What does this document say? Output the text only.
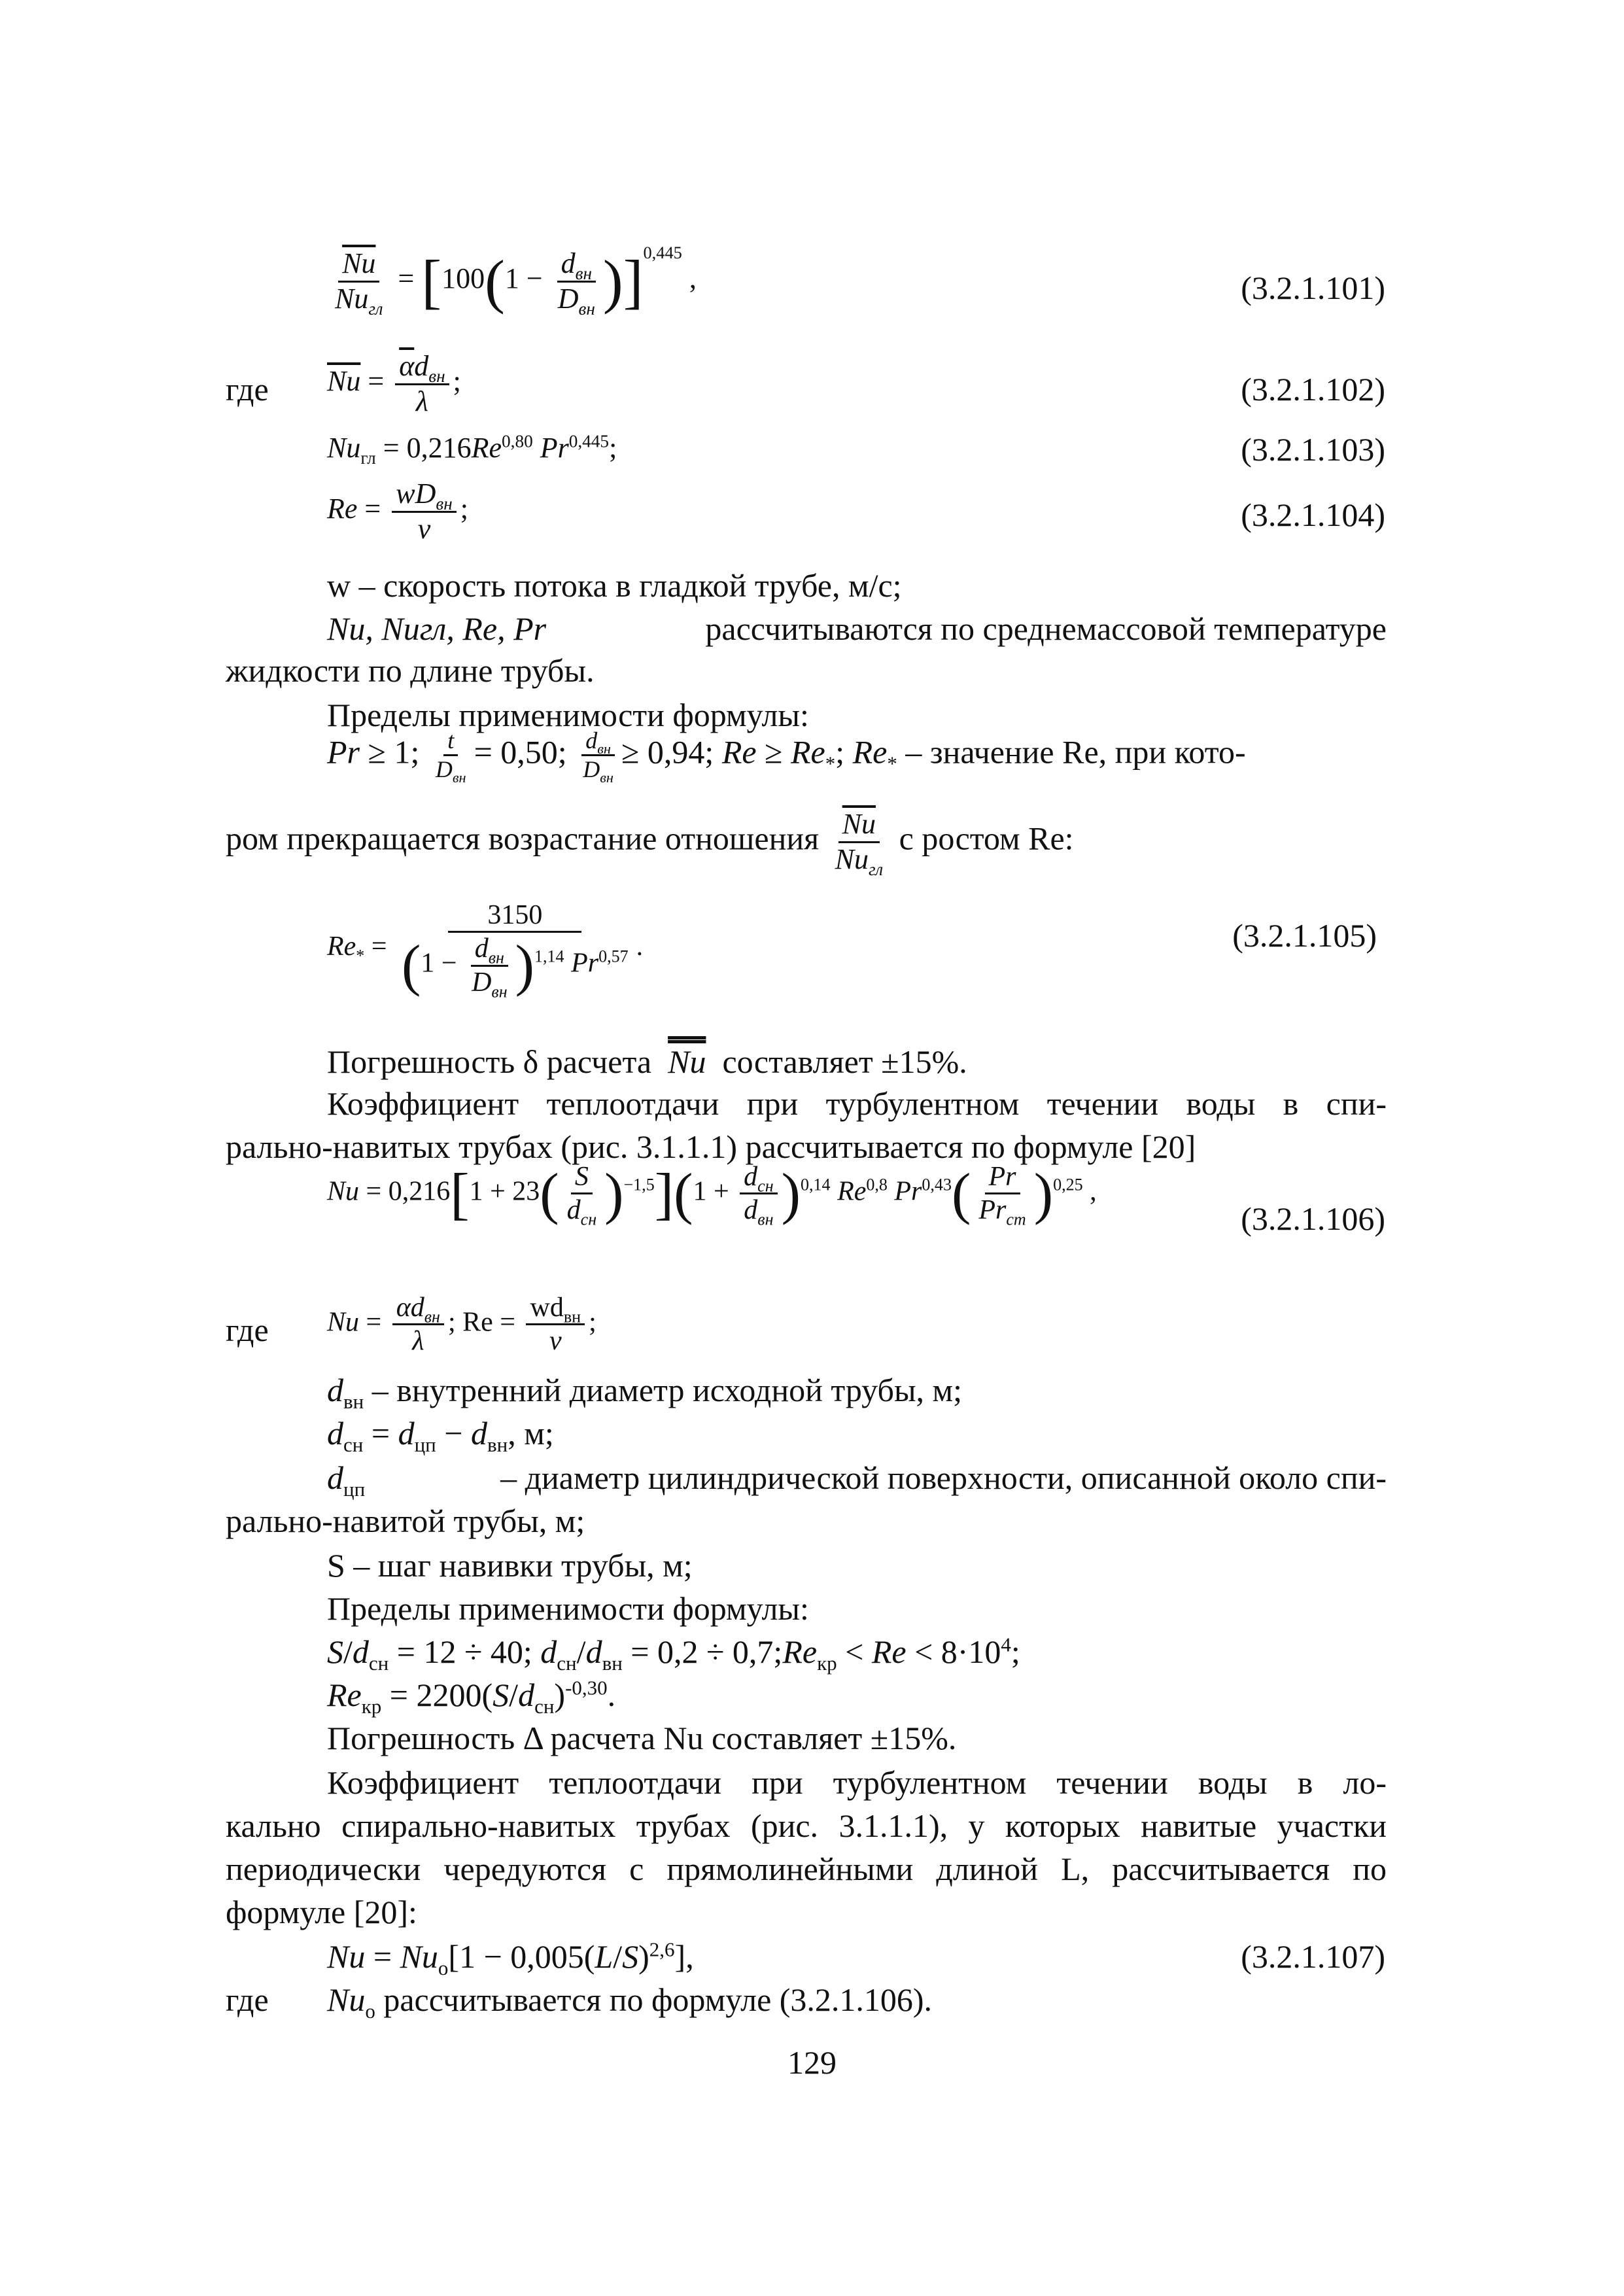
$\frac{\overline{Nu}}{Nu_{гл}} = [100(1 - \frac{d_{вн}}{D_{вн}} )]^{0,445}$ ,	(3.2.1.101)
где $\overline{Nu} = \frac{\overline{\alpha}d_{вн}}{\lambda}$ ;	(3.2.1.102)
$Nu_{гл} = 0,216Re^{0,80}$ Pr$^{0,445}$;	(3.2.1.103)
$Re = \frac{wD_{вн}}{\nu}$ ;	(3.2.1.104)
w – скорость потока в гладкой трубе, м/с;
Nu, Nuгл, Re, Pr	рассчитываются по среднемассовой температуре
жидкости по длине трубы.
Пределы применимости формулы:
Pr ≥ 1; $\frac{t}{D_{вн}} = 0,50$; $\frac{d_{вн}}{D_{вн}} \ge 0,94$; $Re \ge Re_*$; $Re_*$ – значение Re, при кото-
ром прекращается возрастание отношения $\frac{\overline{Nu}}{Nu_{гл}}$ с ростом Re:
$Re_* = \frac{3150}{(1 - \frac{d_{вн}}{D_{вн}} )^{1,14} Pr^{0,57}}$ .	(3.2.1.105)
Погрешность δ расчета Nu составляет ±15%.
Коэффициент теплоотдачи при турбулентном течении воды в спи-
рально-навитых трубах (рис. 3.1.1.1) рассчитывается по формуле [20]
$Nu = 0,216[1 + 23( \frac{S}{d_{сн}} )^{-1,5}](1 + \frac{d_{сн}}{d_{вн}} )^{0,14}$ Re$^{0,8}$ $Pr^{0,43}( \frac{Pr}{Pr_{ст}} )^{0,25}$ ,
(3.2.1.106)
где $Nu = \frac{\alpha d_{вн}}{\lambda}$ ; $Re = \frac{wd_{вн}}{\nu}$ ;
$d_{вн}$ – внутренний диаметр исходной трубы, м;
$d_{сн} = d_{цп} - d_{вн}$, м;
$d_{цп}$	– диаметр цилиндрической поверхности, описанной около спи-
рально-навитой трубы, м;
S – шаг навивки трубы, м;
Пределы применимости формулы:
$S/d_{сн} = 12 \div 40$; $d_{сн}/d_{вн} = 0,2$ ÷ $0,7;Re_{кр} < Re < 8\cdot 10^4$;
$Re_{кр} = 2200(S/d_{сн})^{-0,30}$.
Погрешность Δ расчета Nu составляет ±15%.
Коэффициент теплоотдачи при турбулентном течении воды в ло-
кально спирально-навитых трубах (рис. 3.1.1.1), у которых навитые участки
периодически чередуются с прямолинейными длиной L, рассчитывается по
формуле [20]:
$Nu = Nu_o[1 - 0,005(L/S)^{2,6}]$,	(3.2.1.107)
где $Nu_o$ рассчитывается по формуле (3.2.1.106).
129
